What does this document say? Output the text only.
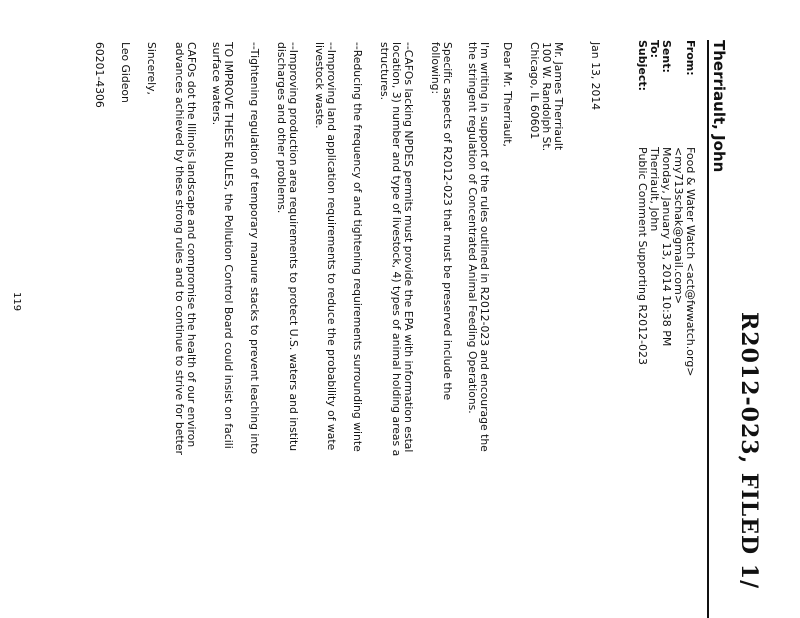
R2012-023, FILED 1/
Therriault, John
From:
Food & Water Watch <act@fwwatch.org>
<my713schak@gmail.com>
Sent:
Monday, January 13, 2014 10:38 PM
To:
Therriault, John
Subject:
Public Comment Supporting R2012-023
Jan 13, 2014
Mr. James Therriault
100 W. Randolph St.
Chicago, IL 60601
Dear Mr. Therriault,
I'm writing in support of the rules outlined in R2012-023 and encourage the
the stringent regulation of Concentrated Animal Feeding Operations.
Specific aspects of R2012-023 that must be preserved include the
following:
--CAFOs lacking NPDES permits must provide the EPA with information estal
location, 3) number and type of livestock, 4) types of animal holding areas a
structures.
--Reducing the frequency of and tightening requirements surrounding winte
--Improving land application requirements to reduce the probability of wate
livestock waste.
--Improving production area requirements to protect U.S. waters and institu
discharges and other problems.
--Tightening regulation of temporary manure stacks to prevent leaching into
TO IMPROVE THESE RULES, the Pollution Control Board could insist on facili
surface waters.
CAFOs dot the Illinois landscape and compromise the health of our environ
advances achieved by these strong rules and to continue to strive for better
Sincerely,
Leo Gideon
60201-4306
119
